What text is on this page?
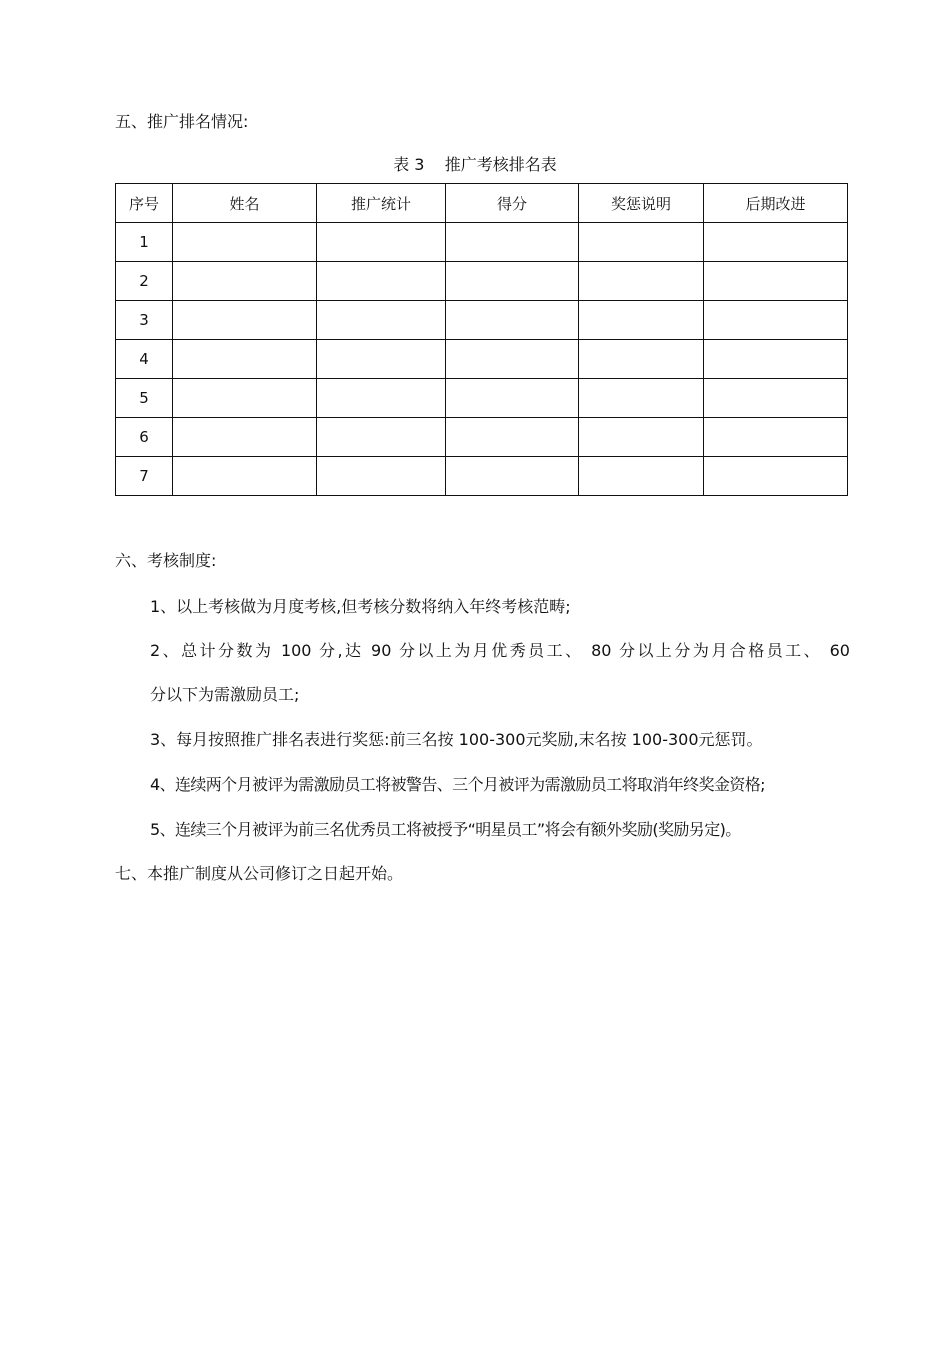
五、推广排名情况:
表 3    推广考核排名表
序号	姓名	推广统计	得分	奖惩说明	后期改进
1					
2					
3					
4					
5					
6					
7					
六、考核制度:
1、以上考核做为月度考核,但考核分数将纳入年终考核范畴;
2、总计分数为 100 分,达 90 分以上为月优秀员工、 80 分以上分为月合格员工、 60
分以下为需激励员工;
3、每月按照推广排名表进行奖惩:前三名按 100-300元奖励,末名按 100-300元惩罚。
4、连续两个月被评为需激励员工将被警告、三个月被评为需激励员工将取消年终奖金资格;
5、连续三个月被评为前三名优秀员工将被授予“明星员工”将会有额外奖励(奖励另定)。
七、本推广制度从公司修订之日起开始。
